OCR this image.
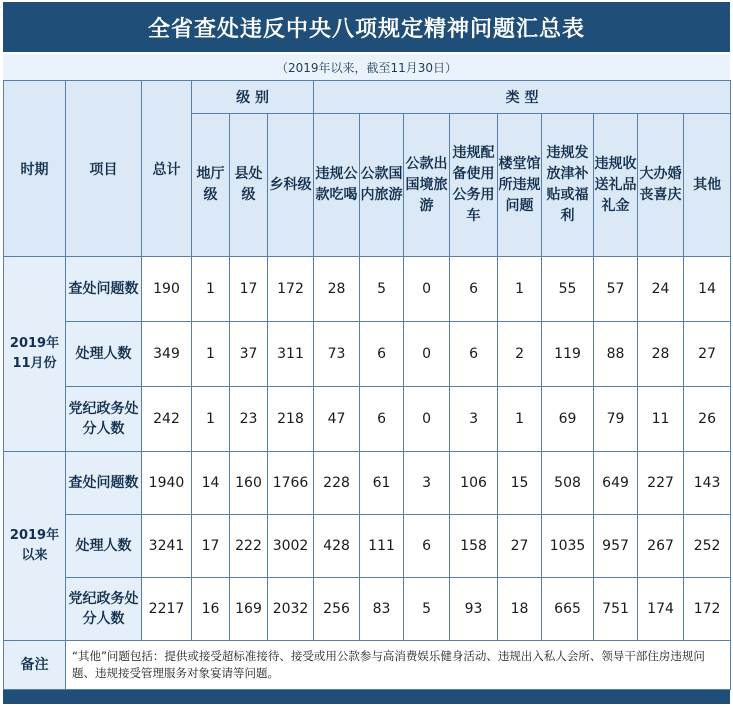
全省查处违反中央八项规定精神问题汇总表
（2019年以来，截至11月30日）
时期	项目	总计	级 别			类 型								
			地厅级	县处级	乡科级	违规公款吃喝	公款国内旅游	公款出国境旅游	违规配备使用公务用车	楼堂馆所违规问题	违规发放津补贴或福利	违规收送礼品礼金	大办婚丧喜庆	其他
2019年11月份	查处问题数	190	1	17	172	28	5	0	6	1	55	57	24	14
	处理人数	349	1	37	311	73	6	0	6	2	119	88	28	27
	党纪政务处分人数	242	1	23	218	47	6	0	3	1	69	79	11	26
2019年以来	查处问题数	1940	14	160	1766	228	61	3	106	15	508	649	227	143
	处理人数	3241	17	222	3002	428	111	6	158	27	1035	957	267	252
	党纪政务处分人数	2217	16	169	2032	256	83	5	93	18	665	751	174	172
备注	“其他”问题包括：提供或接受超标准接待、接受或用公款参与高消费娱乐健身活动、违规出入私人会所、领导干部住房违规问题、违规接受管理服务对象宴请等问题。													
